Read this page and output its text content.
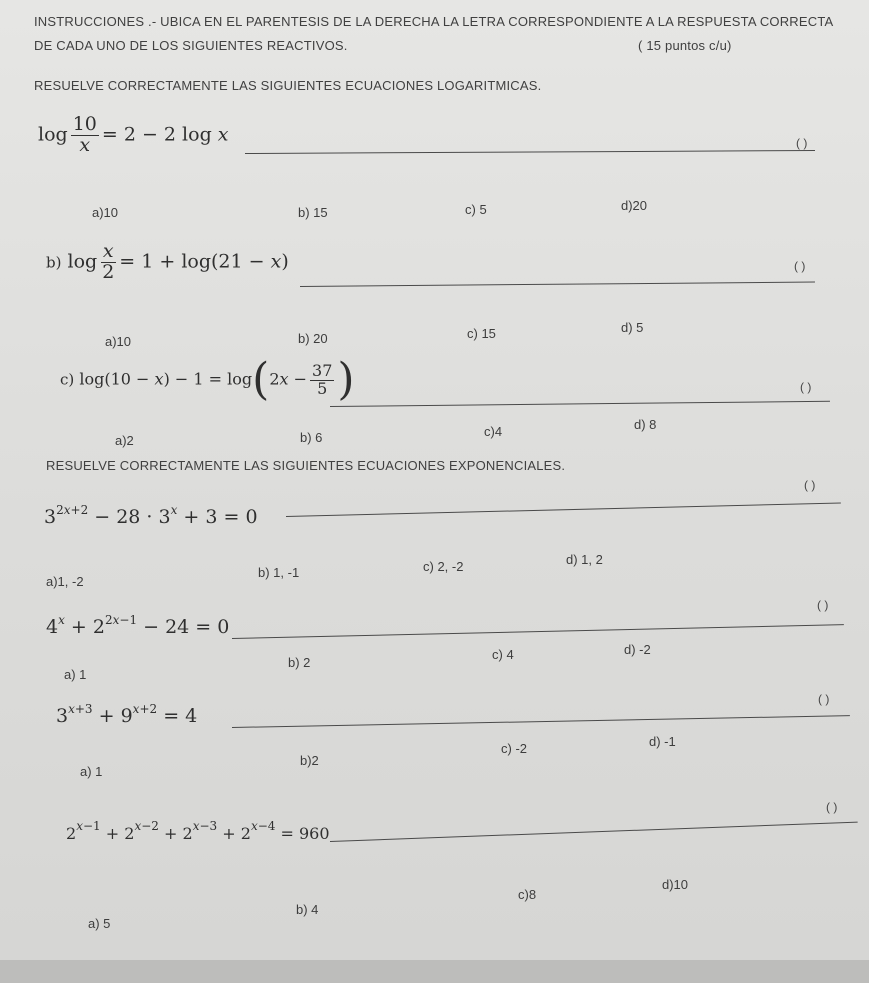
INSTRUCCIONES .- UBICA EN EL PARENTESIS DE LA DERECHA LA LETRA CORRESPONDIENTE A LA RESPUESTA CORRECTA
DE CADA UNO DE LOS SIGUIENTES REACTIVOS.	( 15 puntos c/u)
RESUELVE CORRECTAMENTE LAS SIGUIENTES ECUACIONES LOGARITMICAS.
$\log \frac{10}{x} = 2 - 2$ log x	( )
a)10	b) 15	c) 5	d)20
b) $\log \frac{x}{2} = 1 + \log(21 - x)$	( )
a)10	b) 20	c) 15	d) 5
c) $\log(10 - x) - 1 = \log(2x - \frac{37}{5}$ )	( )
a)2	b) 6	c)4	d) 8
RESUELVE CORRECTAMENTE LAS SIGUIENTES ECUACIONES EXPONENCIALES.
$3^{2x+2} - 28 \cdot 3^x + 3 = 0$
( )
a)1, -2
b) 1, -1	c) 2, -2	d) 1, 2
$4^x + 2^{2x-1} - 24 = 0$
( )
a) 1
b) 2
c) 4	d) -2
$3^{x+3} + 9^{x+2} = 4$
( )
a) 1
b)2
c) -2	d) -1
$2^{x-1} + 2^{x-2} + 2^{x-3} + 2^{x-4} = 960$
( )
a) 5
b) 4
c)8
d)10
